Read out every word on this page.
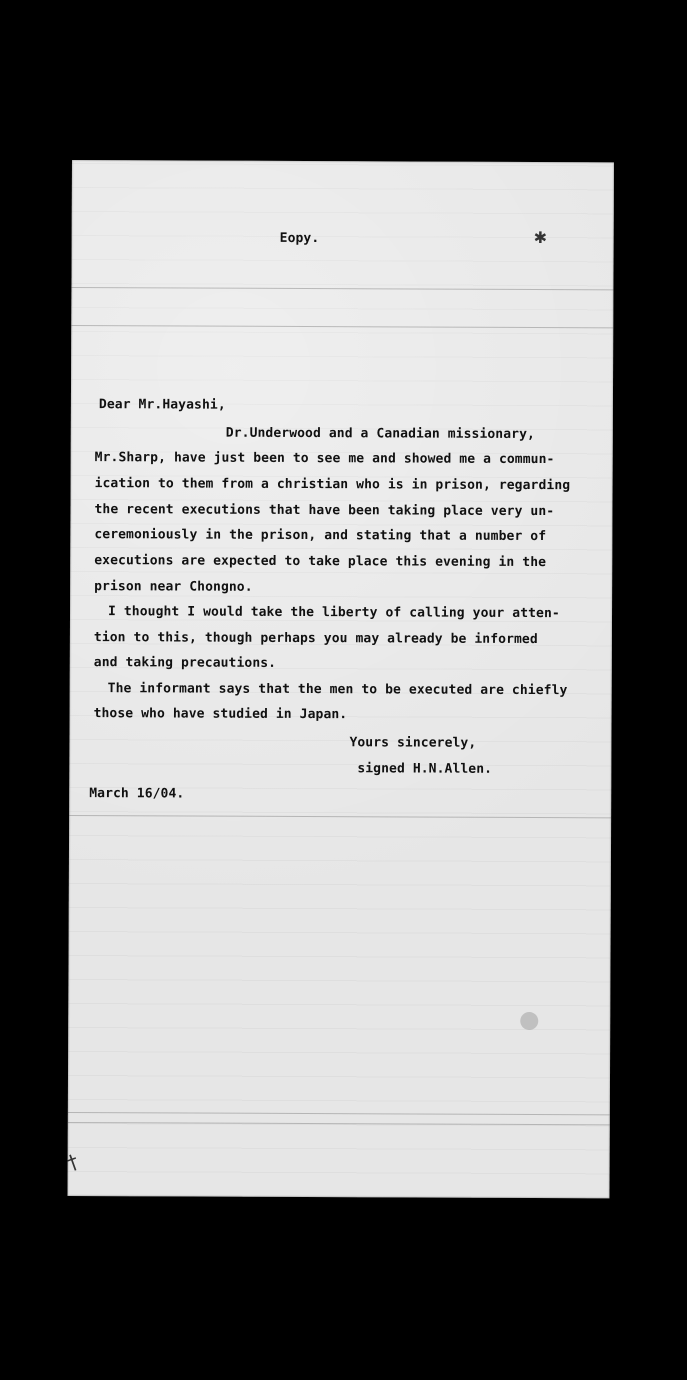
Eopy.	✱
Dear Mr.Hayashi,
Dr.Underwood and a Canadian missionary,
Mr.Sharp, have just been to see me and showed me a commun-
ication to them from a christian who is in prison, regarding
the recent executions that have been taking place very un-
ceremoniously in the prison, and stating that a number of
executions are expected to take place this evening in the
prison near Chongno.
I thought I would take the liberty of calling your atten-
tion to this, though perhaps you may already be informed
and taking precautions.
The informant says that the men to be executed are chiefly
those who have studied in Japan.
Yours sincerely,
signed H.N.Allen.
March 16/04.
†
